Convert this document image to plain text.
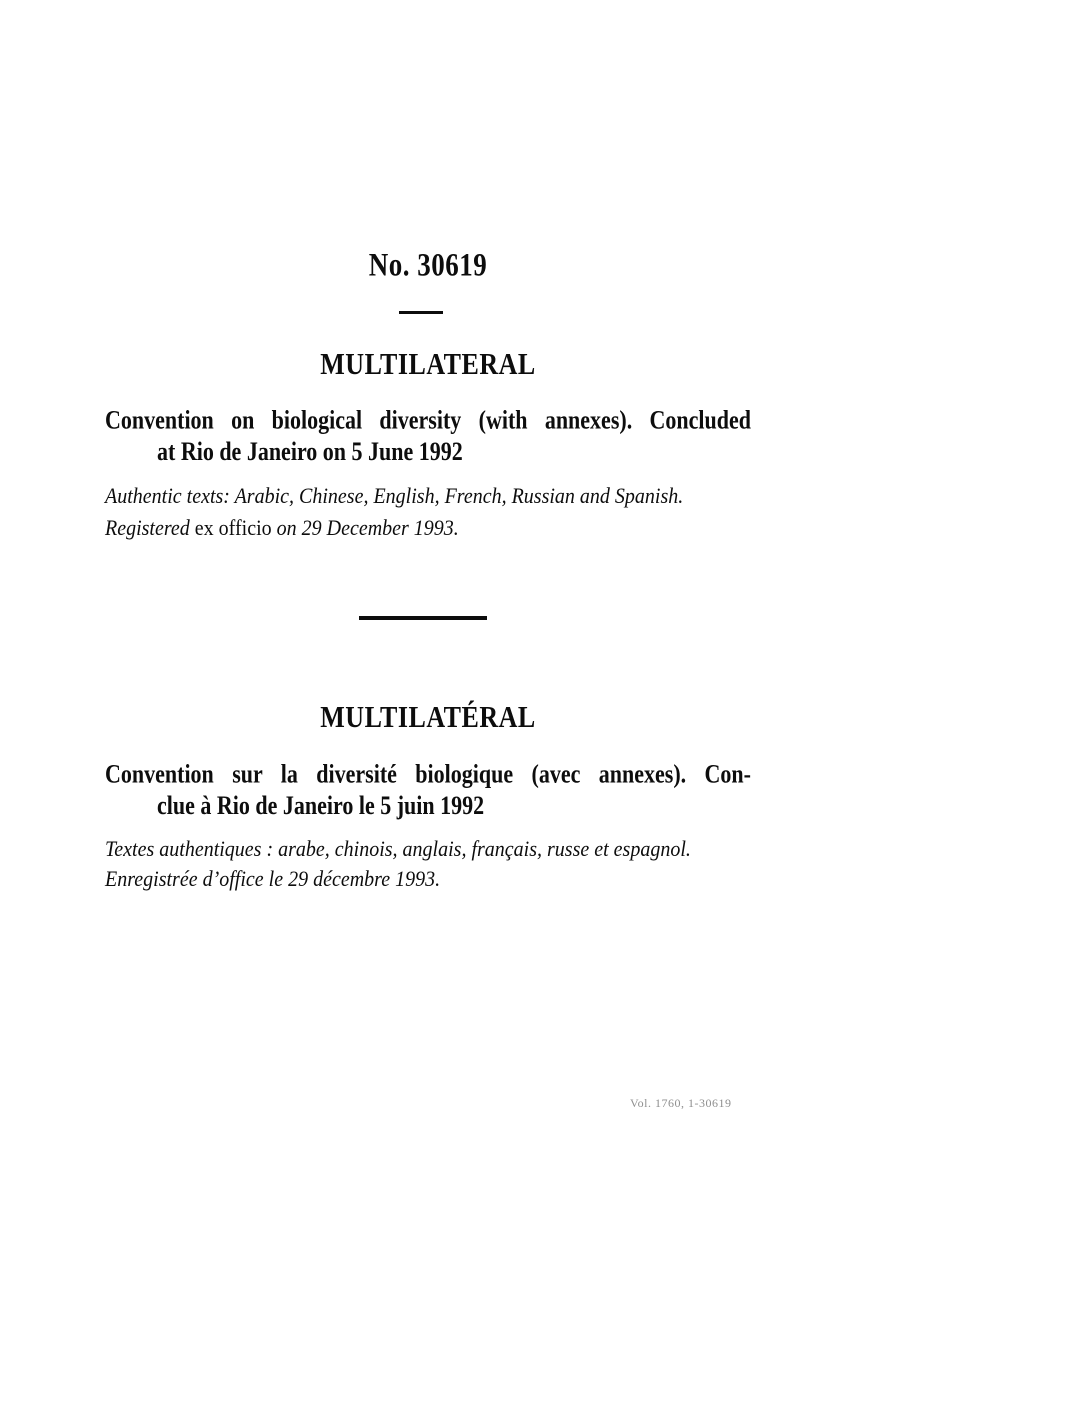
No. 30619
MULTILATERAL
Convention on biological diversity (with annexes). Concluded
at Rio de Janeiro on 5 June 1992
Authentic texts: Arabic, Chinese, English, French, Russian and Spanish.
Registered ex officio on 29 December 1993.
MULTILATÉRAL
Convention sur la diversité biologique (avec annexes). Con-
clue à Rio de Janeiro le 5 juin 1992
Textes authentiques : arabe, chinois, anglais, français, russe et espagnol.
Enregistrée d’office le 29 décembre 1993.
Vol. 1760, 1-30619
